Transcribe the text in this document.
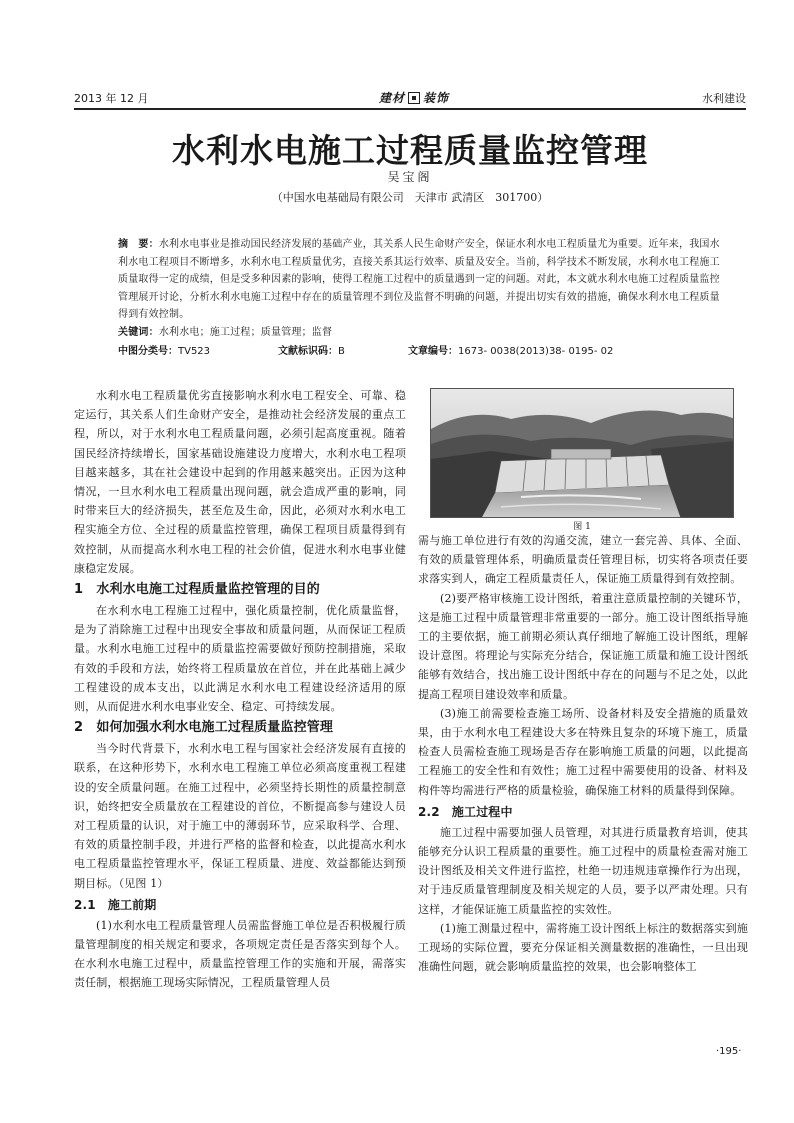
2013 年 12 月	建材 装饰	水利建设
水利水电施工过程质量监控管理
吴宝阁
（中国水电基础局有限公司　天津市 武清区　301700）
摘　要：水利水电事业是推动国民经济发展的基础产业，其关系人民生命财产安全，保证水利水电工程质量尤为重要。近年来，我国水利水电工程项目不断增多，水利水电工程质量优劣，直接关系其运行效率、质量及安全。当前，科学技术不断发展，水利水电工程施工质量取得一定的成绩，但是受多种因素的影响，使得工程施工过程中的质量遇到一定的问题。对此，本文就水利水电施工过程质量监控管理展开讨论，分析水利水电施工过程中存在的质量管理不到位及监督不明确的问题，并提出切实有效的措施，确保水利水电工程质量得到有效控制。
关键词：水利水电；施工过程；质量管理；监督
中图分类号：TV523	文献标识码：B	文章编号：1673- 0038(2013)38- 0195- 02

水利水电工程质量优劣直接影响水利水电工程安全、可靠、稳定运行，其关系人们生命财产安全，是推动社会经济发展的重点工程，所以，对于水利水电工程质量问题，必须引起高度重视。随着国民经济持续增长，国家基础设施建设力度增大，水利水电工程项目越来越多，其在社会建设中起到的作用越来越突出。正因为这种情况，一旦水利水电工程质量出现问题，就会造成严重的影响，同时带来巨大的经济损失，甚至危及生命，因此，必须对水利水电工程实施全方位、全过程的质量监控管理，确保工程项目质量得到有效控制，从而提高水利水电工程的社会价值，促进水利水电事业健康稳定发展。

1　水利水电施工过程质量监控管理的目的

在水利水电工程施工过程中，强化质量控制，优化质量监督，是为了消除施工过程中出现安全事故和质量问题，从而保证工程质量。水利水电施工过程中的质量监控需要做好预防控制措施，采取有效的手段和方法，始终将工程质量放在首位，并在此基础上减少工程建设的成本支出，以此满足水利水电工程建设经济适用的原则，从而促进水利水电事业安全、稳定、可持续发展。

2　如何加强水利水电施工过程质量监控管理

当今时代背景下，水利水电工程与国家社会经济发展有直接的联系，在这种形势下，水利水电工程施工单位必须高度重视工程建设的安全质量问题。在施工过程中，必须坚持长期性的质量控制意识，始终把安全质量放在工程建设的首位，不断提高参与建设人员对工程质量的认识，对于施工中的薄弱环节，应采取科学、合理、有效的质量控制手段，并进行严格的监督和检查，以此提高水利水电工程质量监控管理水平，保证工程质量、进度、效益都能达到预期目标。（见图 1）

2.1　施工前期

(1)水利水电工程质量管理人员需监督施工单位是否积极履行质量管理制度的相关规定和要求，各项规定责任是否落实到每个人。在水利水电施工过程中，质量监控管理工作的实施和开展，需落实责任制，根据施工现场实际情况，工程质量管理人员

图 1

需与施工单位进行有效的沟通交流，建立一套完善、具体、全面、有效的质量管理体系，明确质量责任管理目标，切实将各项责任要求落实到人，确定工程质量责任人，保证施工质量得到有效控制。

(2)要严格审核施工设计图纸，着重注意质量控制的关键环节，这是施工过程中质量管理非常重要的一部分。施工设计图纸指导施工的主要依据，施工前期必须认真仔细地了解施工设计图纸，理解设计意图。将理论与实际充分结合，保证施工质量和施工设计图纸能够有效结合，找出施工设计图纸中存在的问题与不足之处，以此提高工程项目建设效率和质量。

(3)施工前需要检查施工场所、设备材料及安全措施的质量效果，由于水利水电工程建设大多在特殊且复杂的环境下施工，质量检查人员需检查施工现场是否存在影响施工质量的问题，以此提高工程施工的安全性和有效性；施工过程中需要使用的设备、材料及构件等均需进行严格的质量检验，确保施工材料的质量得到保障。

2.2　施工过程中

施工过程中需要加强人员管理，对其进行质量教育培训，使其能够充分认识工程质量的重要性。施工过程中的质量检查需对施工设计图纸及相关文件进行监控，杜绝一切违规违章操作行为出现，对于违反质量管理制度及相关规定的人员，要予以严肃处理。只有这样，才能保证施工质量监控的实效性。

(1)施工测量过程中，需将施工设计图纸上标注的数据落实到施工现场的实际位置，要充分保证相关测量数据的准确性，一旦出现准确性问题，就会影响质量监控的效果，也会影响整体工

·195·
